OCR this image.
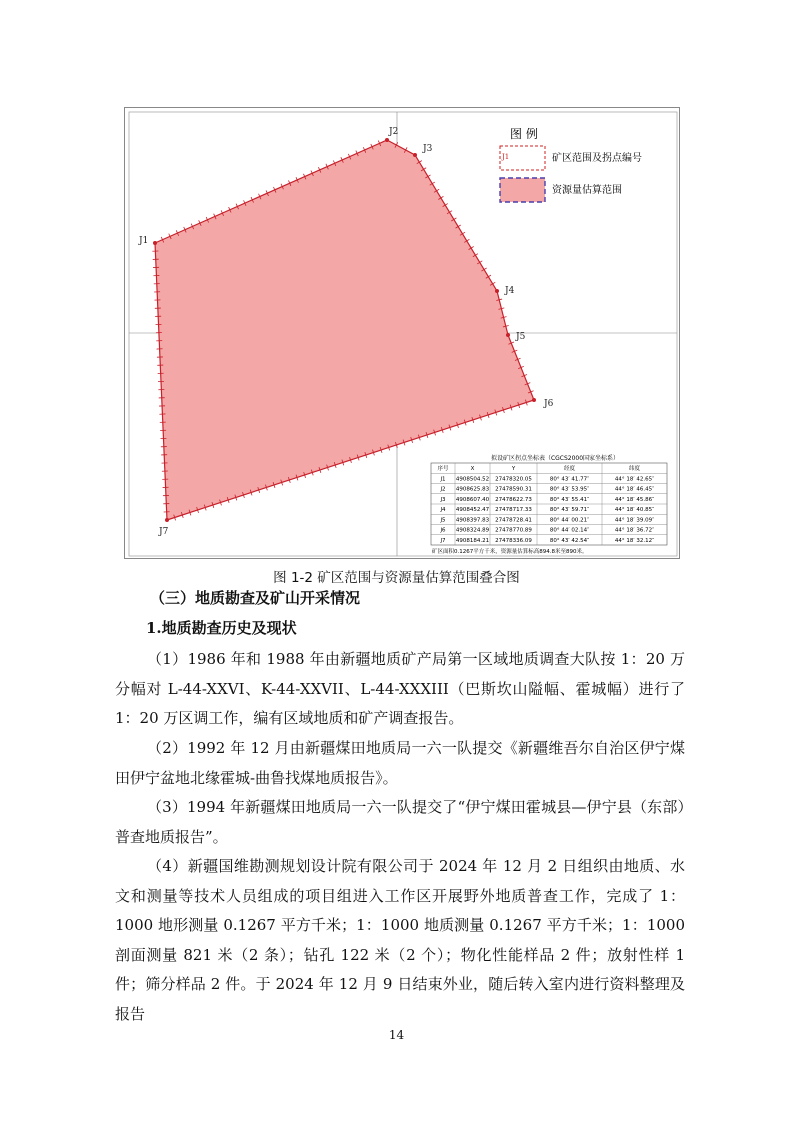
J1
J2
J3
J4
J5
J6
J7
图 例
J1	矿区范围及拐点编号
资源量估算范围
拟设矿区拐点坐标表（CGCS2000国家坐标系）
序号	X	Y	经度	纬度
J1 4908504.52 27478320.05	80° 43′ 41.77″	44° 18′ 42.65″
J2 4908625.83 27478590.31	80° 43′ 53.95″	44° 18′ 46.45″
J3 4908607.40 27478622.73	80° 43′ 55.41″	44° 18′ 45.86″
J4 4908452.47 27478717.33	80° 43′ 59.71″	44° 18′ 40.85″
J5 4908397.83 27478728.41	80° 44′ 00.21″	44° 18′ 39.09″
J6 4908324.89 27478770.89	80° 44′ 02.14″	44° 18′ 36.72″
J7 4908184.21 27478336.09	80° 43′ 42.54″	44° 18′ 32.12″
矿区面积0.1267平方千米，资源量估算标高894.8米至890米。
图 1-2 矿区范围与资源量估算范围叠合图
（三）地质勘查及矿山开采情况
1.地质勘查历史及现状
（1）1986 年和 1988 年由新疆地质矿产局第一区域地质调查大队按 1：20 万分幅对 L-44-XXVI、K-44-XXVII、L-44-XXXIII（巴斯坎山隘幅、霍城幅）进行了 1：20 万区调工作，编有区域地质和矿产调查报告。
（2）1992 年 12 月由新疆煤田地质局一六一队提交《新疆维吾尔自治区伊宁煤田伊宁盆地北缘霍城-曲鲁找煤地质报告》。
（3）1994 年新疆煤田地质局一六一队提交了“伊宁煤田霍城县—伊宁县（东部）普查地质报告”。
（4）新疆国维勘测规划设计院有限公司于 2024 年 12 月 2 日组织由地质、水文和测量等技术人员组成的项目组进入工作区开展野外地质普查工作，完成了 1：1000 地形测量 0.1267 平方千米；1：1000 地质测量 0.1267 平方千米；1：1000 剖面测量 821 米（2 条）；钻孔 122 米（2 个）；物化性能样品 2 件；放射性样 1 件；筛分样品 2 件。于 2024 年 12 月 9 日结束外业，随后转入室内进行资料整理及报告
14
